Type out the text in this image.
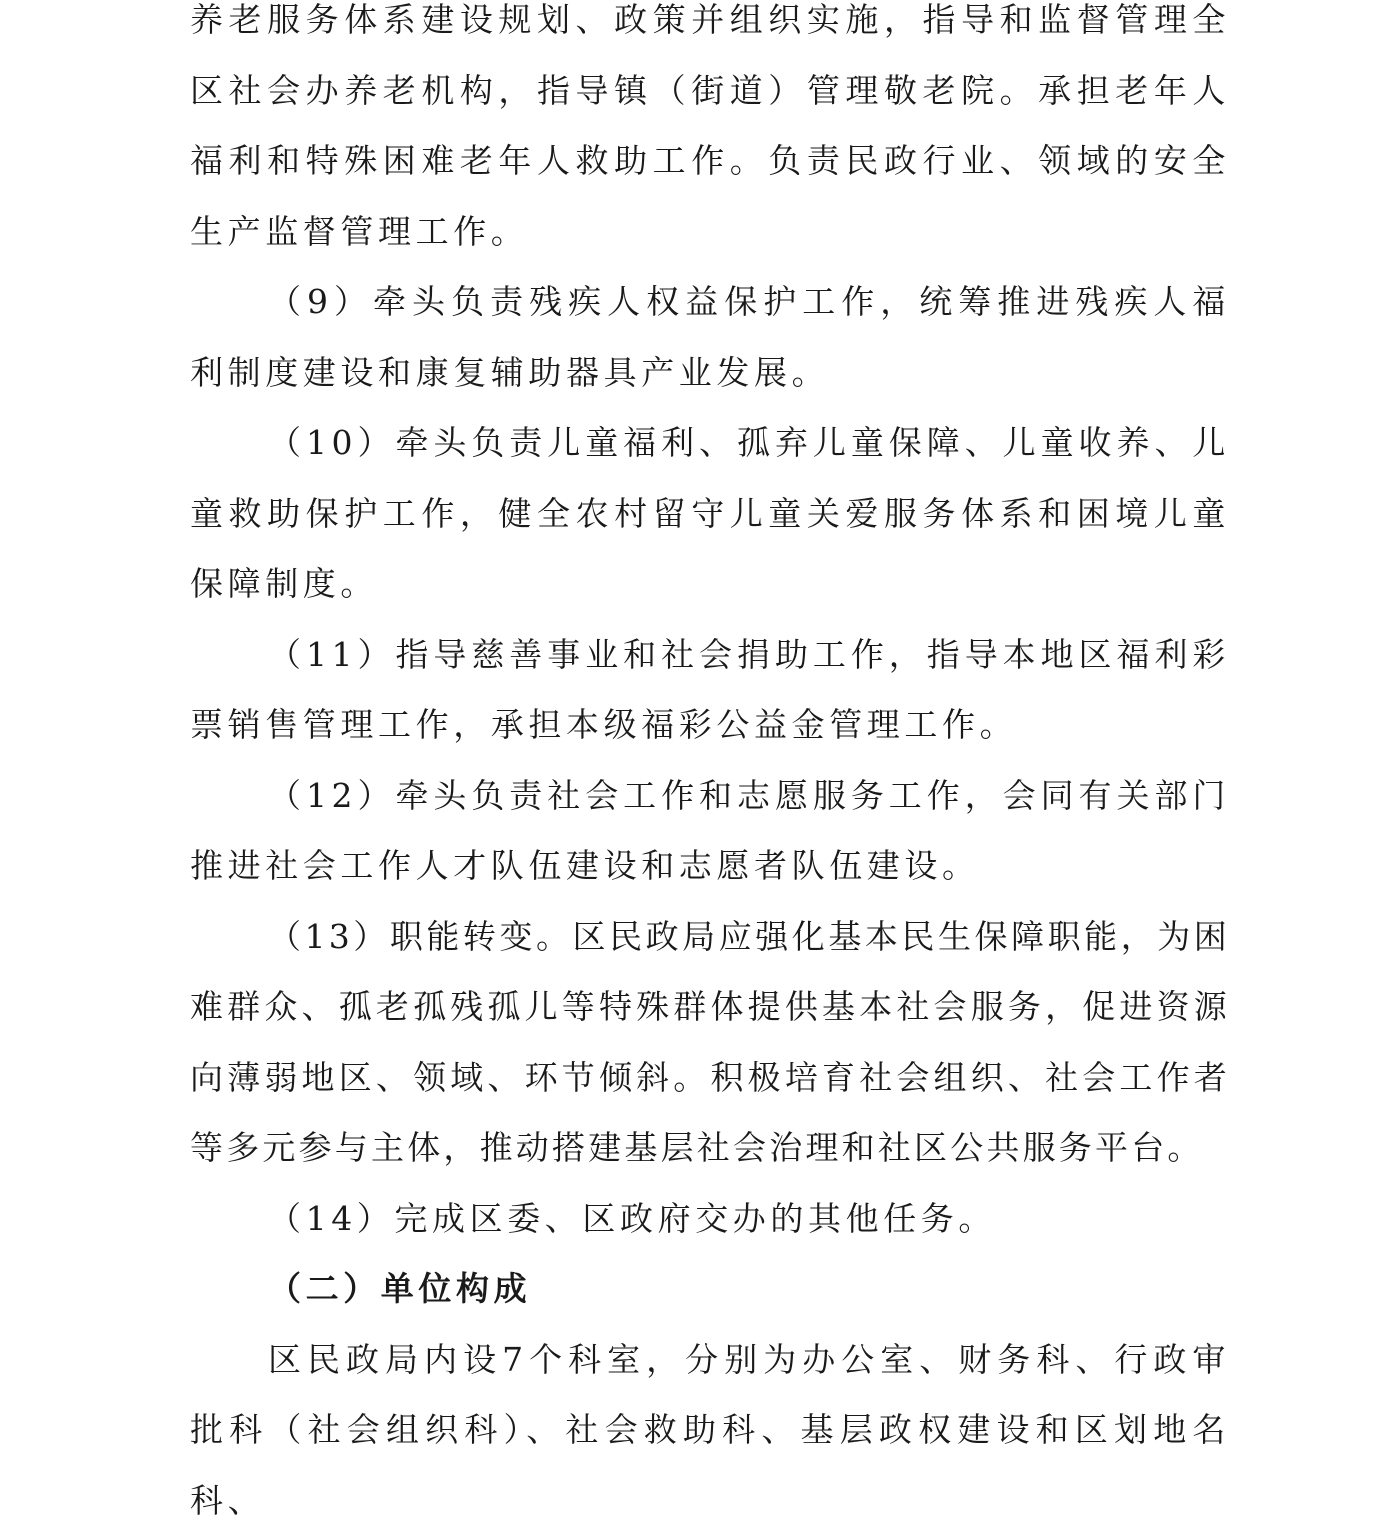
养老服务体系建设规划、政策并组织实施，指导和监督管理全区社会办养老机构，指导镇（街道）管理敬老院。承担老年人福利和特殊困难老年人救助工作。负责民政行业、领域的安全生产监督管理工作。

（9）牵头负责残疾人权益保护工作，统筹推进残疾人福利制度建设和康复辅助器具产业发展。

（10）牵头负责儿童福利、孤弃儿童保障、儿童收养、儿童救助保护工作，健全农村留守儿童关爱服务体系和困境儿童保障制度。

（11）指导慈善事业和社会捐助工作，指导本地区福利彩票销售管理工作，承担本级福彩公益金管理工作。

（12）牵头负责社会工作和志愿服务工作，会同有关部门推进社会工作人才队伍建设和志愿者队伍建设。

（13）职能转变。区民政局应强化基本民生保障职能，为困难群众、孤老孤残孤儿等特殊群体提供基本社会服务，促进资源向薄弱地区、领域、环节倾斜。积极培育社会组织、社会工作者等多元参与主体，推动搭建基层社会治理和社区公共服务平台。

（14）完成区委、区政府交办的其他任务。

（二）单位构成

区民政局内设7个科室，分别为办公室、财务科、行政审批科（社会组织科）、社会救助科、基层政权建设和区划地名科、
